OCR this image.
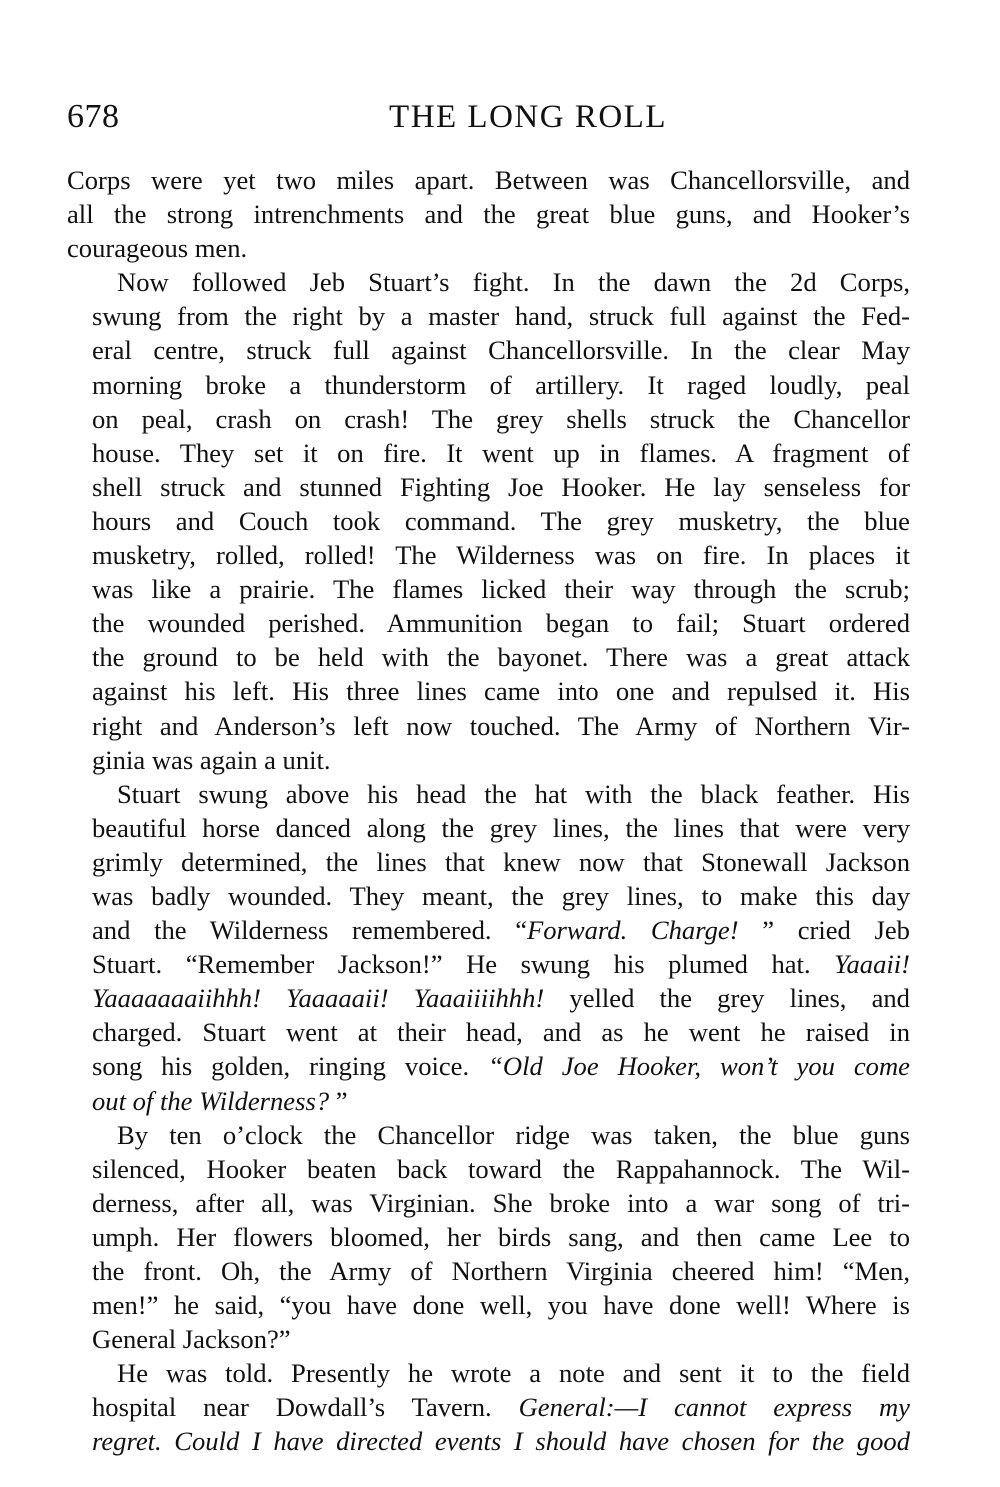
678	THE LONG ROLL
Corps were yet two miles apart. Between was Chancellorsville, and
all the strong intrenchments and the great blue guns, and Hooker’s
courageous men.
Now followed Jeb Stuart’s fight. In the dawn the 2d Corps,
swung from the right by a master hand, struck full against the Fed-
eral centre, struck full against Chancellorsville. In the clear May
morning broke a thunderstorm of artillery. It raged loudly, peal
on peal, crash on crash! The grey shells struck the Chancellor
house. They set it on fire. It went up in flames. A fragment of
shell struck and stunned Fighting Joe Hooker. He lay senseless for
hours and Couch took command. The grey musketry, the blue
musketry, rolled, rolled! The Wilderness was on fire. In places it
was like a prairie. The flames licked their way through the scrub;
the wounded perished. Ammunition began to fail; Stuart ordered
the ground to be held with the bayonet. There was a great attack
against his left. His three lines came into one and repulsed it. His
right and Anderson’s left now touched. The Army of Northern Vir-
ginia was again a unit.
Stuart swung above his head the hat with the black feather. His
beautiful horse danced along the grey lines, the lines that were very
grimly determined, the lines that knew now that Stonewall Jackson
was badly wounded. They meant, the grey lines, to make this day
and the Wilderness remembered. “Forward. Charge! ” cried Jeb
Stuart. “Remember Jackson!” He swung his plumed hat. Yaaaii!
Yaaaaaaaiihhh! Yaaaaaii! Yaaaiiiihhh! yelled the grey lines, and
charged. Stuart went at their head, and as he went he raised in
song his golden, ringing voice. “Old Joe Hooker, won’t you come
out of the Wilderness? ”
By ten o’clock the Chancellor ridge was taken, the blue guns
silenced, Hooker beaten back toward the Rappahannock. The Wil-
derness, after all, was Virginian. She broke into a war song of tri-
umph. Her flowers bloomed, her birds sang, and then came Lee to
the front. Oh, the Army of Northern Virginia cheered him! “Men,
men!” he said, “you have done well, you have done well! Where is
General Jackson?”
He was told. Presently he wrote a note and sent it to the field
hospital near Dowdall’s Tavern. General:—I cannot express my
regret. Could I have directed events I should have chosen for the good
